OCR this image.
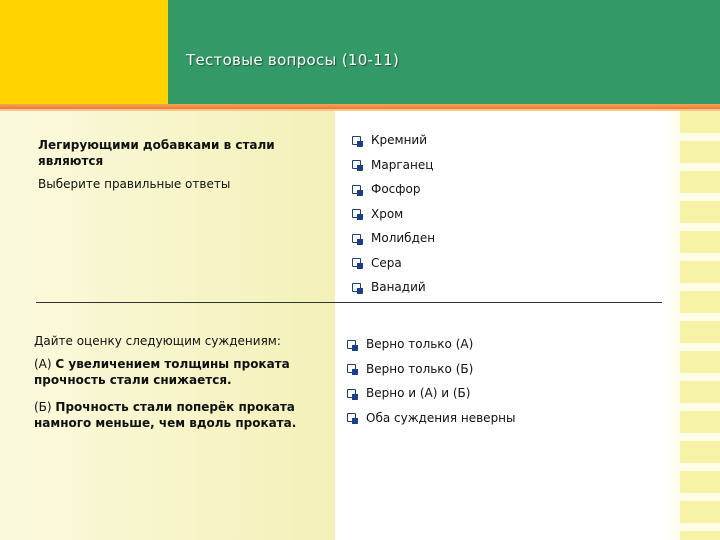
Тестовые вопросы (10-11)
Легирующими добавками в стали являются
Выберите правильные ответы
Кремний
Марганец
Фосфор
Хром
Молибден
Сера
Ванадий
Дайте оценку следующим суждениям:
(А) С увеличением толщины проката прочность стали снижается.
(Б) Прочность стали поперёк проката намного меньше, чем вдоль проката.
Верно только (А)
Верно только (Б)
Верно и (А) и (Б)
Оба суждения неверны
